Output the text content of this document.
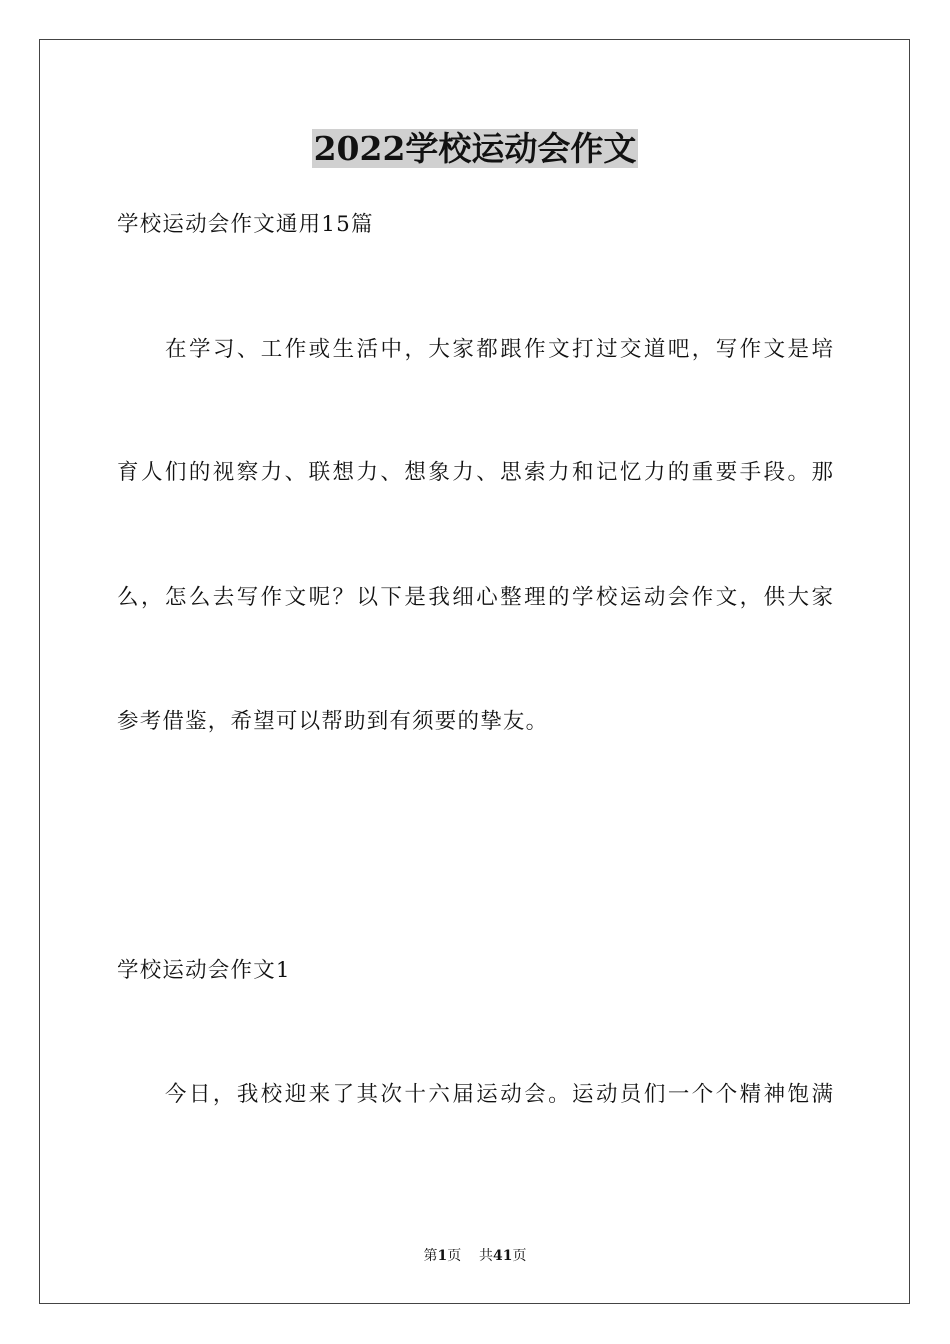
2022学校运动会作文
学校运动会作文通用15篇
在学习、工作或生活中，大家都跟作文打过交道吧，写作文是培
育人们的视察力、联想力、想象力、思索力和记忆力的重要手段。那
么，怎么去写作文呢？以下是我细心整理的学校运动会作文，供大家
参考借鉴，希望可以帮助到有须要的挚友。
学校运动会作文1
今日，我校迎来了其次十六届运动会。运动员们一个个精神饱满
第1页 共41页
